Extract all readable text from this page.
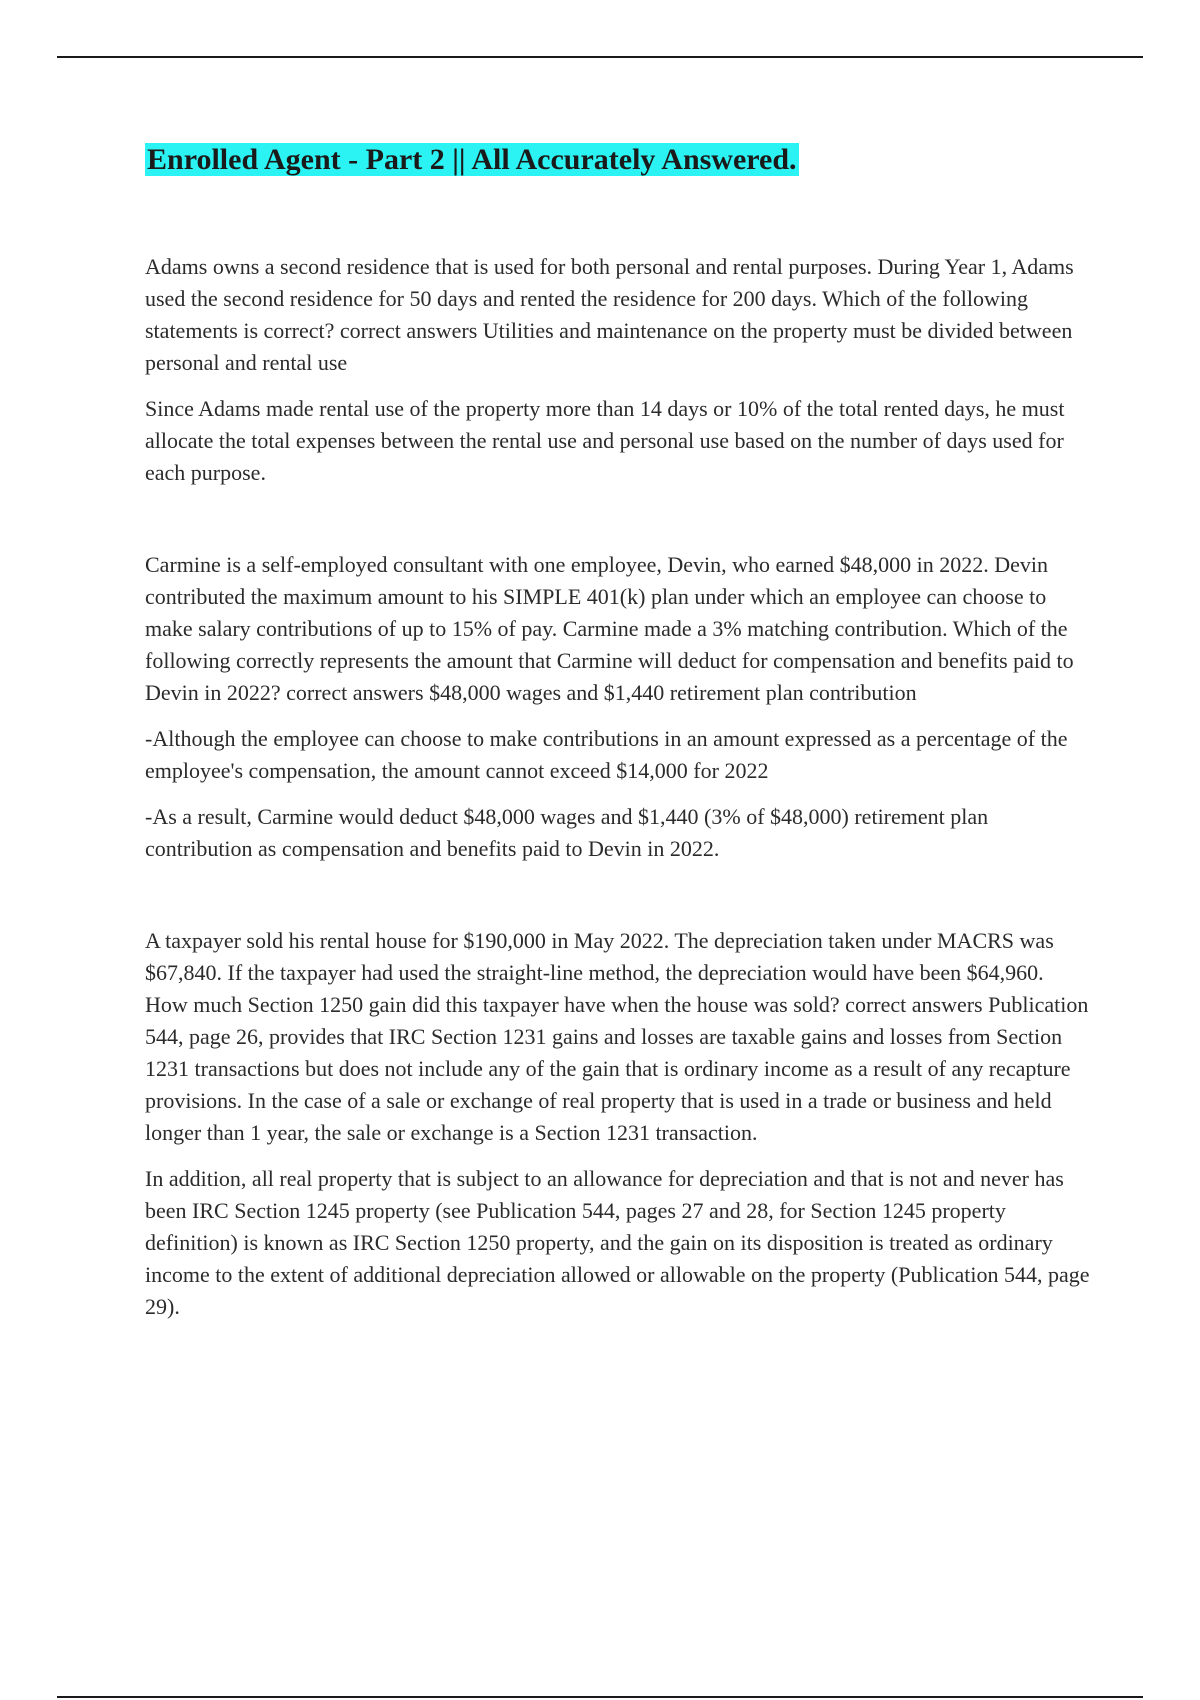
Enrolled Agent - Part 2 || All Accurately Answered.

Adams owns a second residence that is used for both personal and rental purposes. During Year 1, Adams used the second residence for 50 days and rented the residence for 200 days. Which of the following statements is correct? correct answers Utilities and maintenance on the property must be divided between personal and rental use

Since Adams made rental use of the property more than 14 days or 10% of the total rented days, he must allocate the total expenses between the rental use and personal use based on the number of days used for each purpose.

Carmine is a self-employed consultant with one employee, Devin, who earned $48,000 in 2022. Devin contributed the maximum amount to his SIMPLE 401(k) plan under which an employee can choose to make salary contributions of up to 15% of pay. Carmine made a 3% matching contribution. Which of the following correctly represents the amount that Carmine will deduct for compensation and benefits paid to Devin in 2022? correct answers $48,000 wages and $1,440 retirement plan contribution

-Although the employee can choose to make contributions in an amount expressed as a percentage of the employee's compensation, the amount cannot exceed $14,000 for 2022

-As a result, Carmine would deduct $48,000 wages and $1,440 (3% of $48,000) retirement plan contribution as compensation and benefits paid to Devin in 2022.

A taxpayer sold his rental house for $190,000 in May 2022. The depreciation taken under MACRS was $67,840. If the taxpayer had used the straight-line method, the depreciation would have been $64,960. How much Section 1250 gain did this taxpayer have when the house was sold? correct answers Publication 544, page 26, provides that IRC Section 1231 gains and losses are taxable gains and losses from Section 1231 transactions but does not include any of the gain that is ordinary income as a result of any recapture provisions. In the case of a sale or exchange of real property that is used in a trade or business and held longer than 1 year, the sale or exchange is a Section 1231 transaction.

In addition, all real property that is subject to an allowance for depreciation and that is not and never has been IRC Section 1245 property (see Publication 544, pages 27 and 28, for Section 1245 property definition) is known as IRC Section 1250 property, and the gain on its disposition is treated as ordinary income to the extent of additional depreciation allowed or allowable on the property (Publication 544, page 29).
